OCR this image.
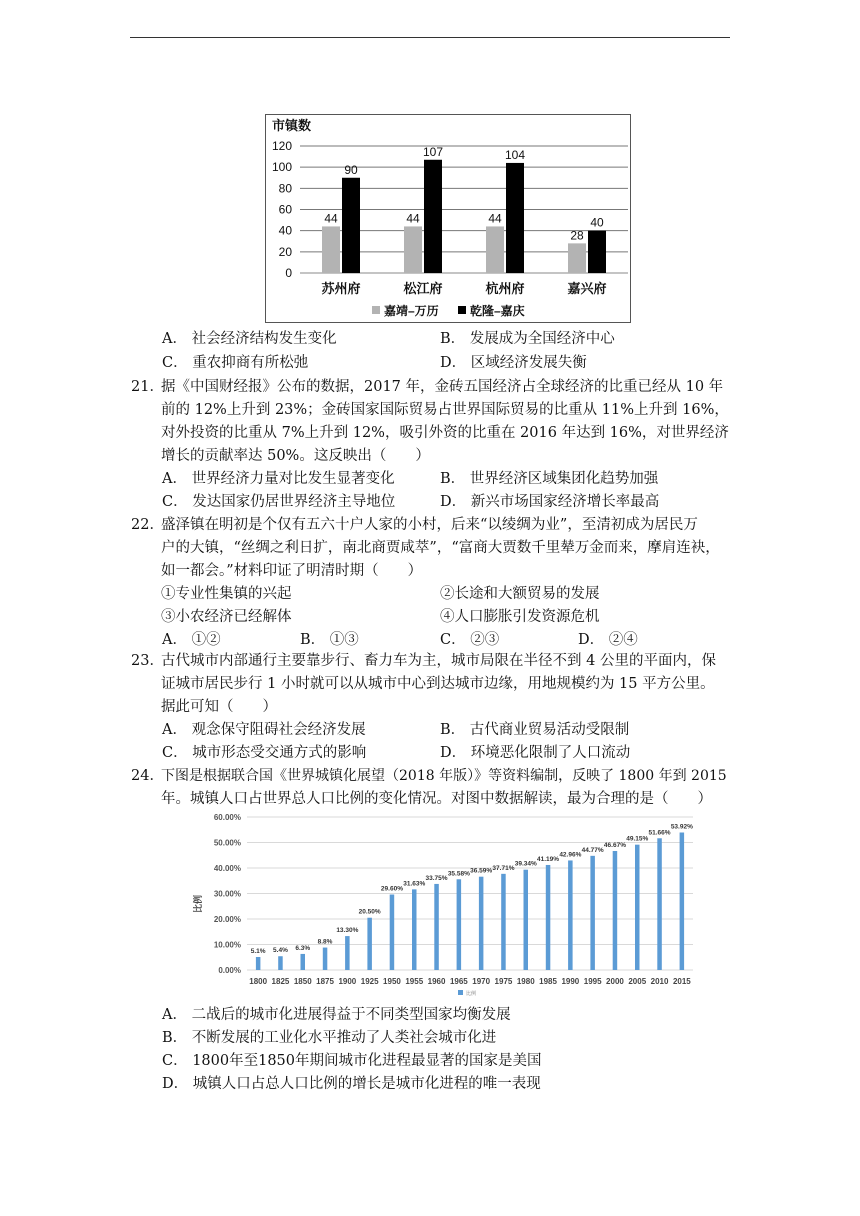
市镇数
0
20
40
60
80
100
120
44
90
苏州府
44
107
松江府
44
104
杭州府
28
40
嘉兴府
嘉靖–万历	乾隆–嘉庆
比例
0.00%
10.00%
20.00%
30.00%
40.00%
50.00%
60.00%
5.1%
1800
5.4%
1825
6.3%
1850
8.8%
1875
13.30%
1900
20.50%
1925
29.60%
1950
31.63%
1955
33.75%
1960
35.58%
1965
36.59%
1970
37.71%
1975
39.34%
1980
41.19%
1985
42.96%
1990
44.77%
1995
46.67%
2000
49.15%
2005
51.66%
2010
53.92%
2015
比例
A． 社会经济结构发生变化	B． 发展成为全国经济中心
C． 重农抑商有所松弛	D． 区域经济发展失衡
21．
据《中国财经报》公布的数据，2017 年，金砖五国经济占全球经济的比重已经从 10 年
前的 12%上升到 23%；金砖国家国际贸易占世界国际贸易的比重从 11%上升到 16%，
对外投资的比重从 7%上升到 12%，吸引外资的比重在 2016 年达到 16%，对世界经济
增长的贡献率达 50%。这反映出（　　）
A． 世界经济力量对比发生显著变化	B． 世界经济区域集团化趋势加强
C． 发达国家仍居世界经济主导地位	D． 新兴市场国家经济增长率最高
22．
盛泽镇在明初是个仅有五六十户人家的小村，后来“以绫绸为业”，至清初成为居民万
户的大镇，“丝绸之利日扩，南北商贾咸萃”，“富商大贾数千里辇万金而来，摩肩连袂，
如一都会。”材料印证了明清时期（　　）
①专业性集镇的兴起	②长途和大额贸易的发展
③小农经济已经解体	④人口膨胀引发资源危机
A． ①②	B． ①③	C． ②③	D． ②④
23．
古代城市内部通行主要靠步行、畜力车为主，城市局限在半径不到 4 公里的平面内，保
证城市居民步行 1 小时就可以从城市中心到达城市边缘，用地规模约为 15 平方公里。
据此可知（　　）
A． 观念保守阻碍社会经济发展	B． 古代商业贸易活动受限制
C． 城市形态受交通方式的影响	D． 环境恶化限制了人口流动
24．
下图是根据联合国《世界城镇化展望（2018 年版）》等资料编制，反映了 1800 年到 2015
年。城镇人口占世界总人口比例的变化情况。对图中数据解读，最为合理的是（　　）
A． 二战后的城市化进展得益于不同类型国家均衡发展
B． 不断发展的工业化水平推动了人类社会城市化进
C． 1800年至1850年期间城市化进程最显著的国家是美国
D． 城镇人口占总人口比例的增长是城市化进程的唯一表现
